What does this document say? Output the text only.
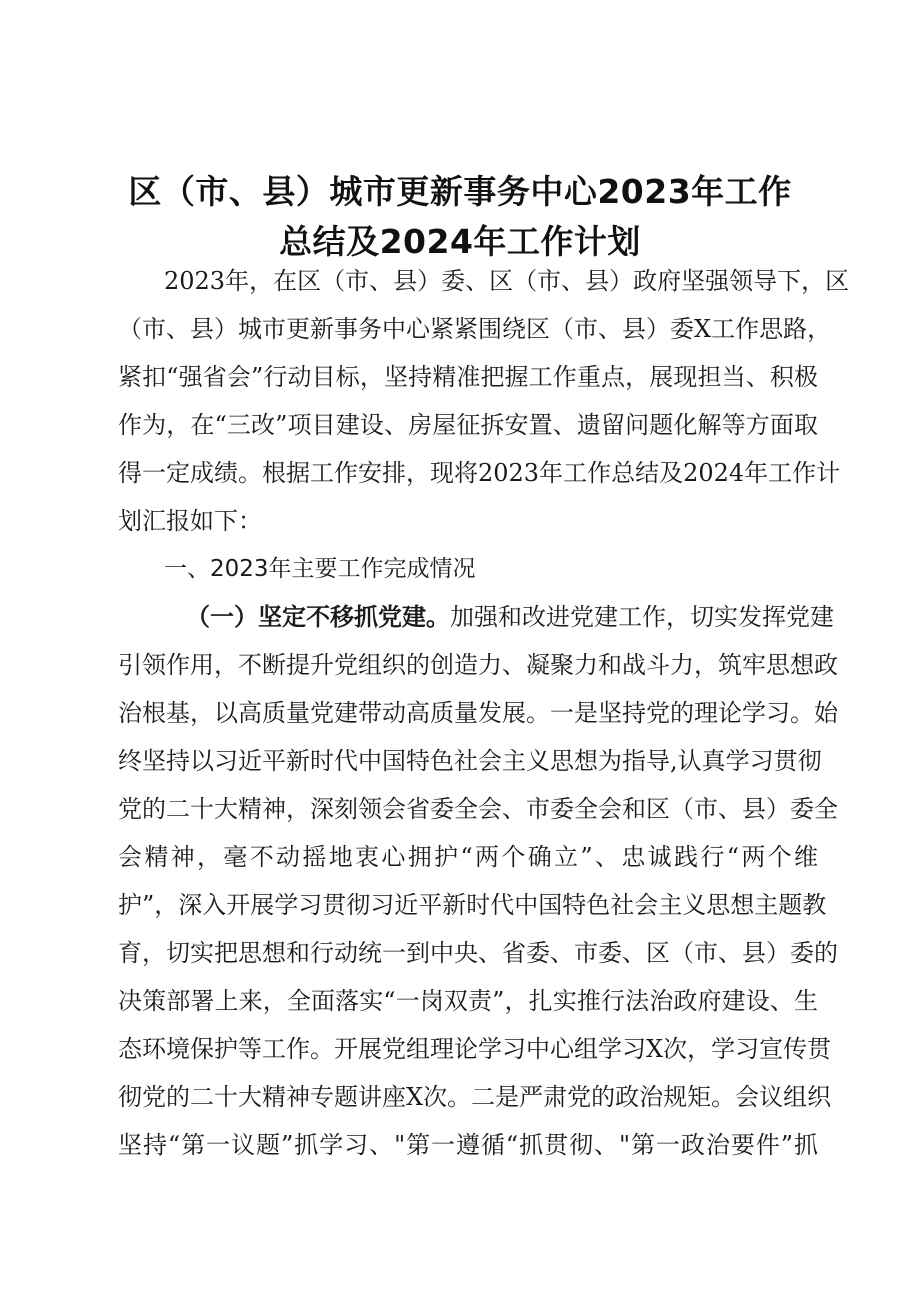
区（市、县）城市更新事务中心2023年工作
总结及2024年工作计划

2023年，在区（市、县）委、区（市、县）政府坚强领导下，区

（市、县）城市更新事务中心紧紧围绕区（市、县）委X工作思路，

紧扣“强省会”行动目标，坚持精准把握工作重点，展现担当、积极

作为，在“三改”项目建设、房屋征拆安置、遗留问题化解等方面取

得一定成绩。根据工作安排，现将2023年工作总结及2024年工作计

划汇报如下：

一、2023年主要工作完成情况

（一）坚定不移抓党建。加强和改进党建工作，切实发挥党建

引领作用，不断提升党组织的创造力、凝聚力和战斗力，筑牢思想政

治根基，以高质量党建带动高质量发展。一是坚持党的理论学习。始

终坚持以习近平新时代中国特色社会主义思想为指导,认真学习贯彻

党的二十大精神，深刻领会省委全会、市委全会和区（市、县）委全

会精神，毫不动摇地衷心拥护“两个确立”、忠诚践行“两个维

护”，深入开展学习贯彻习近平新时代中国特色社会主义思想主题教

育，切实把思想和行动统一到中央、省委、市委、区（市、县）委的

决策部署上来，全面落实“一岗双责”，扎实推行法治政府建设、生

态环境保护等工作。开展党组理论学习中心组学习X次，学习宣传贯

彻党的二十大精神专题讲座X次。二是严肃党的政治规矩。会议组织

坚持“第一议题”抓学习、"第一遵循“抓贯彻、"第一政治要件”抓
